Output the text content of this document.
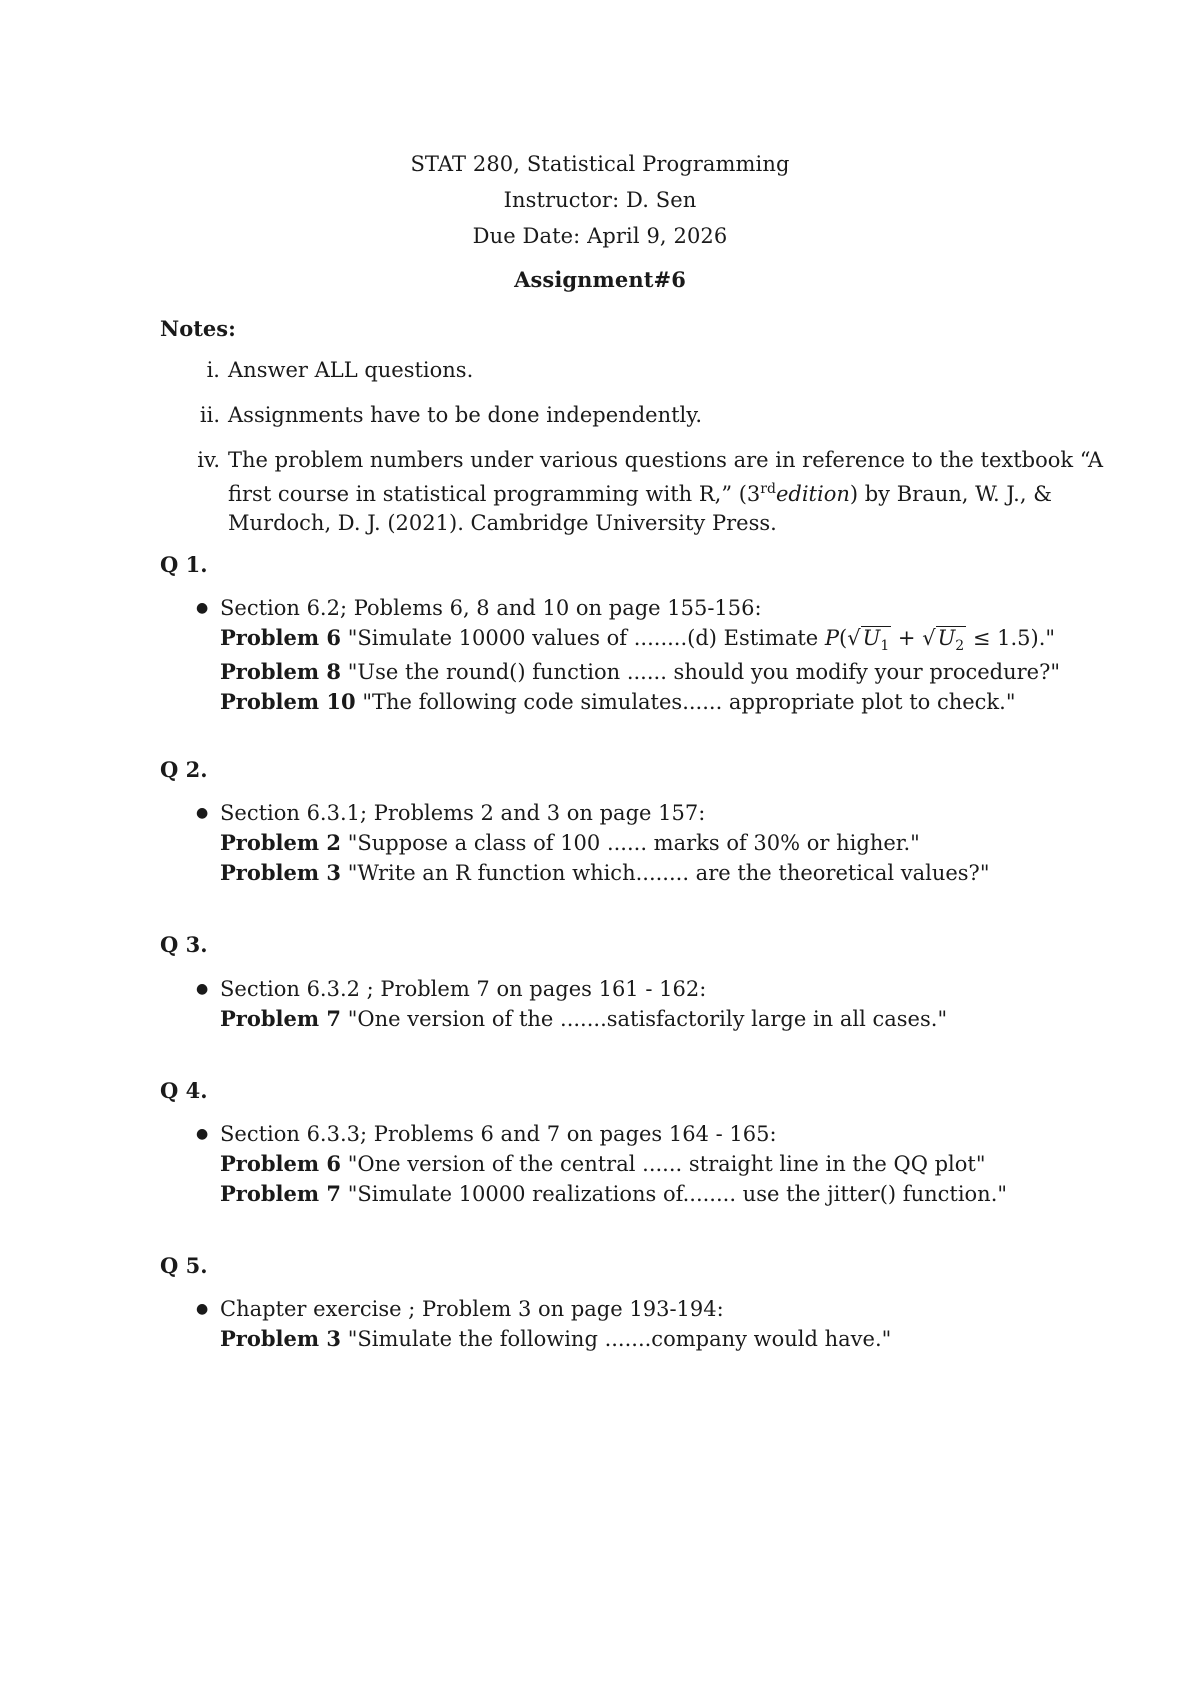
STAT 280, Statistical Programming
Instructor: D. Sen
Due Date: April 9, 2026
Assignment#6
Notes:
i. Answer ALL questions.
ii. Assignments have to be done independently.
iv. The problem numbers under various questions are in reference to the textbook “A first course in statistical programming with R,” (3rdedition) by Braun, W. J., & Murdoch, D. J. (2021). Cambridge University Press.
Q 1.
● Section 6.2; Poblems 6, 8 and 10 on page 155-156:
Problem 6 "Simulate 10000 values of ........(d) Estimate $P(√U_1 + √U_2 \le 1.5)$."
Problem 8 "Use the round() function ...... should you modify your procedure?"
Problem 10 "The following code simulates...... appropriate plot to check."
Q 2.
● Section 6.3.1; Problems 2 and 3 on page 157:
Problem 2 "Suppose a class of 100 ...... marks of 30% or higher."
Problem 3 "Write an R function which........ are the theoretical values?"
Q 3.
● Section 6.3.2 ; Problem 7 on pages 161 - 162:
Problem 7 "One version of the .......satisfactorily large in all cases."
Q 4.
● Section 6.3.3; Problems 6 and 7 on pages 164 - 165:
Problem 6 "One version of the central ...... straight line in the QQ plot"
Problem 7 "Simulate 10000 realizations of........ use the jitter() function."
Q 5.
● Chapter exercise ; Problem 3 on page 193-194:
Problem 3 "Simulate the following .......company would have."
